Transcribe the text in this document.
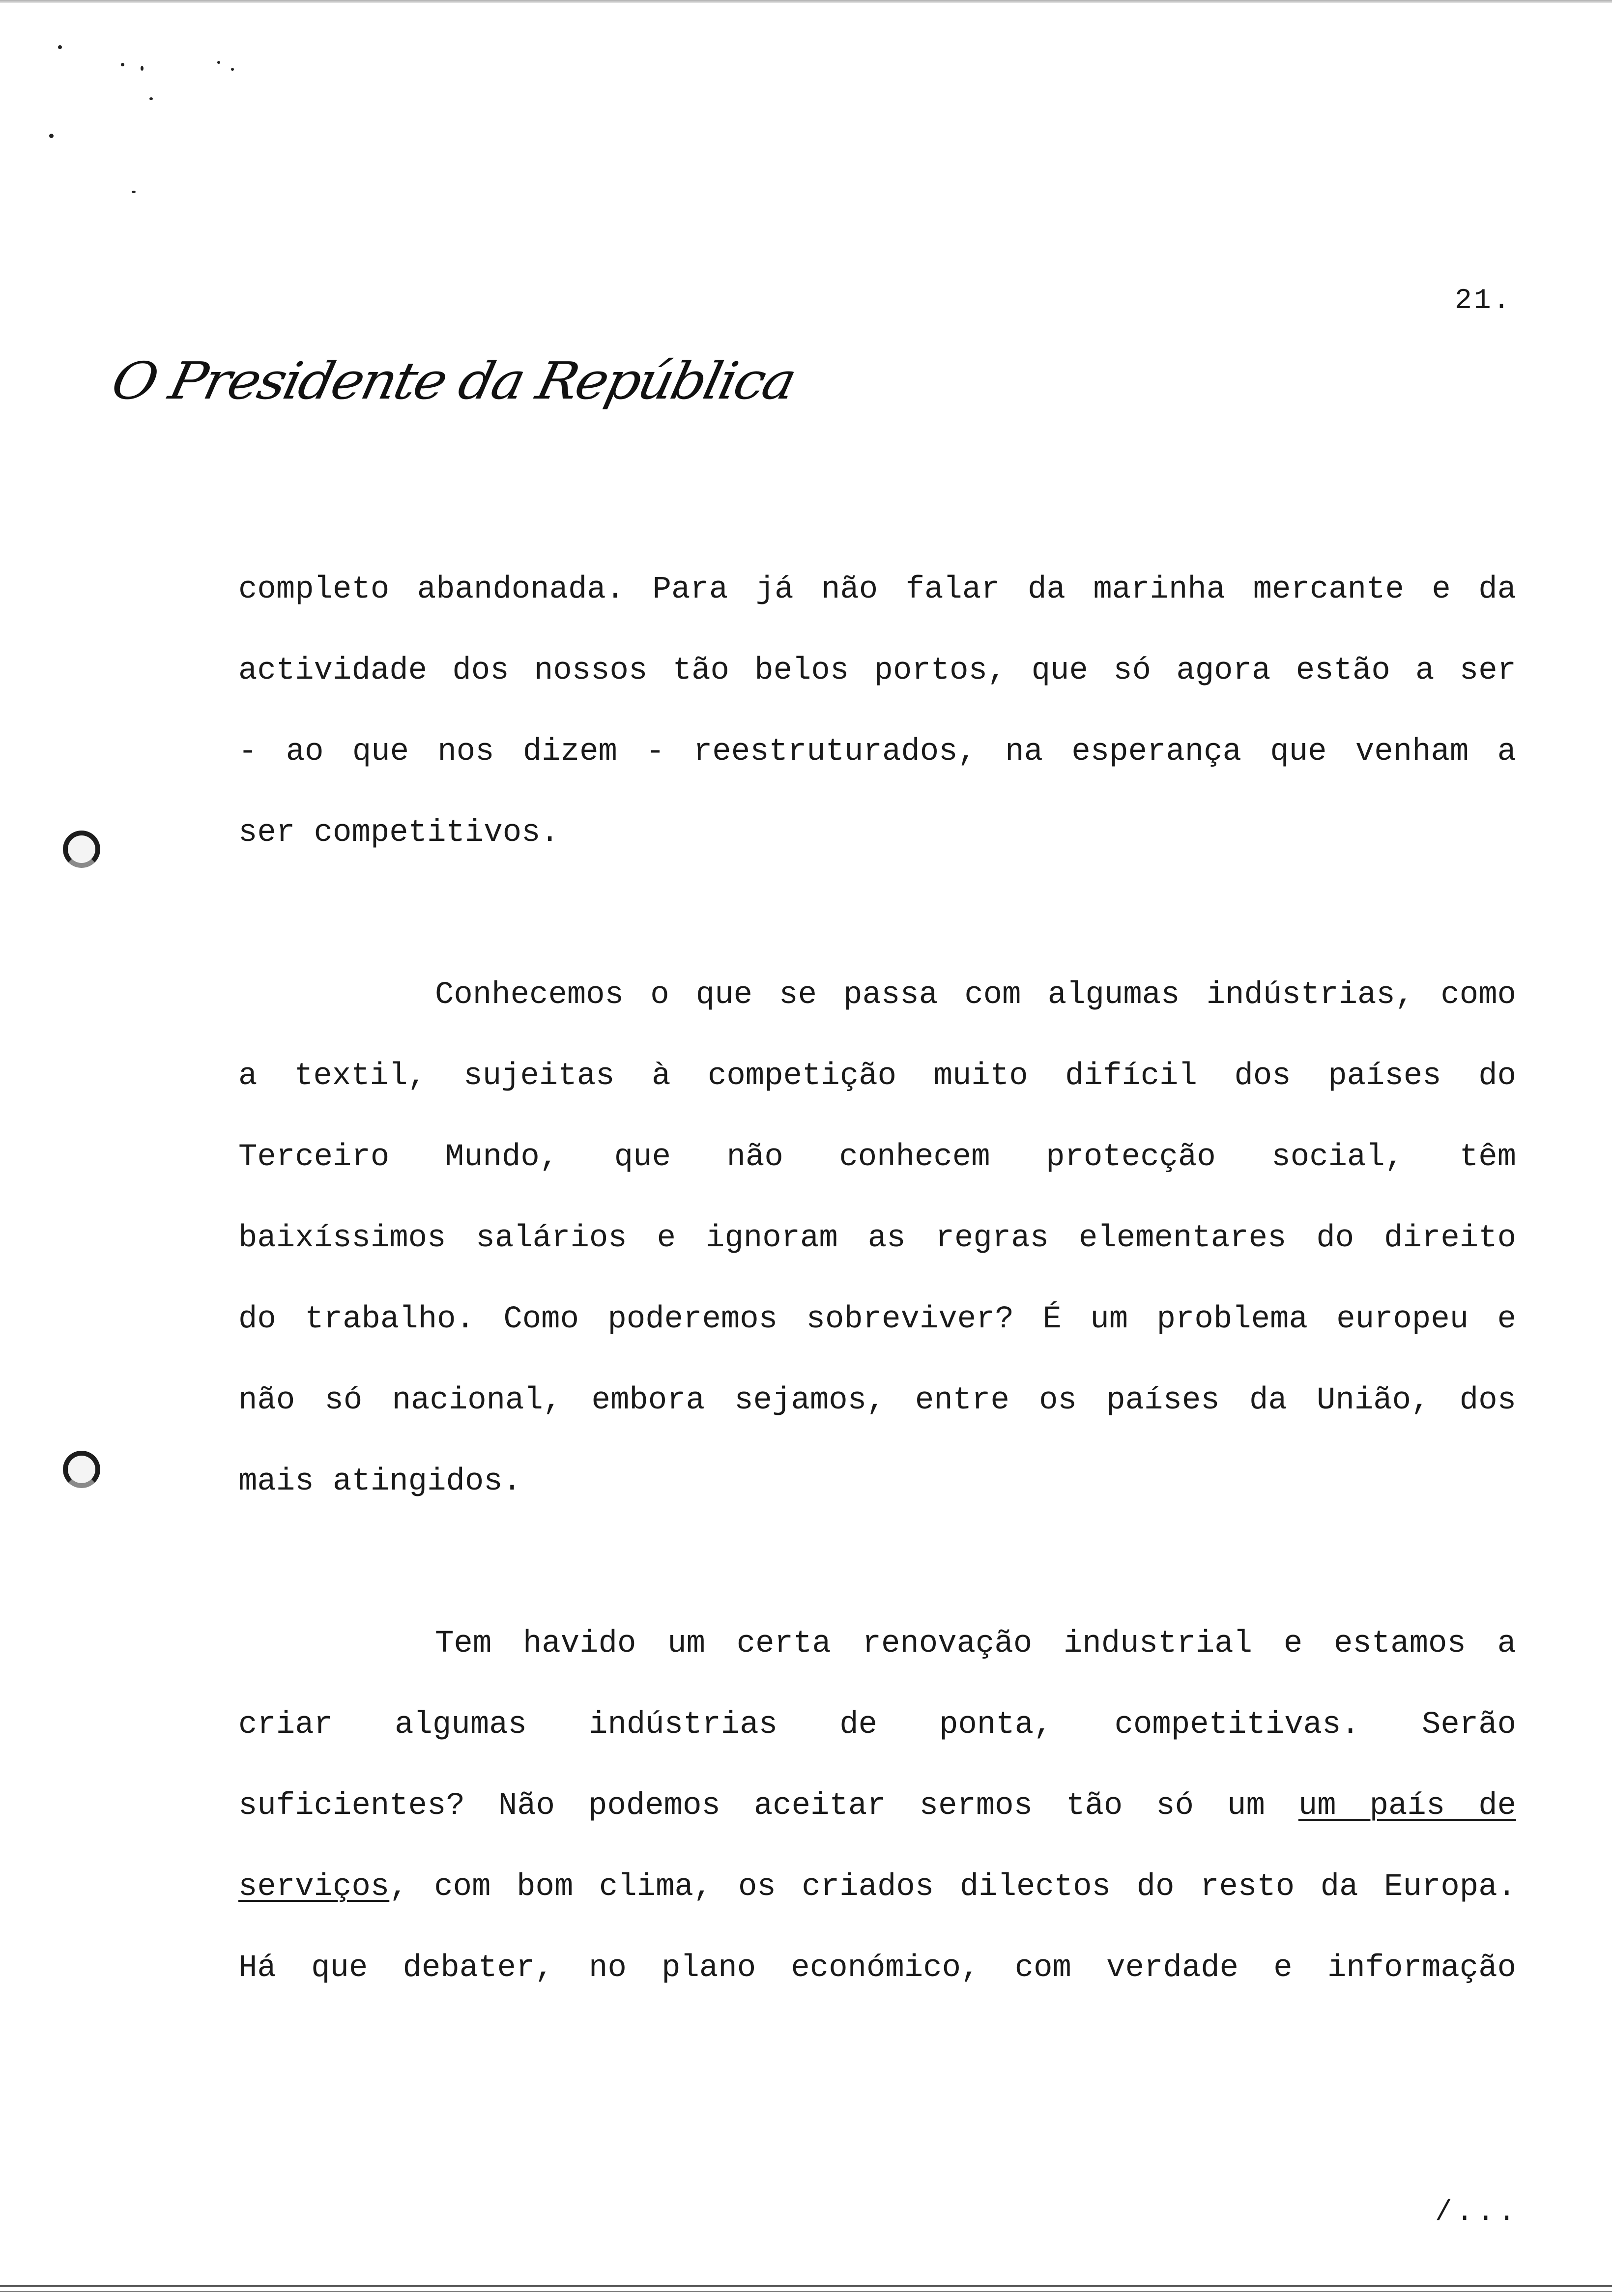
21.

O Presidente da República
completo abandonada. Para já não falar da marinha mercante e da
actividade dos nossos tão belos portos, que só agora estão a ser
- ao que nos dizem - reestruturados, na esperança que venham a
ser competitivos.
Conhecemos o que se passa com algumas indústrias, como
a textil, sujeitas à competição muito difícil dos países do
Terceiro Mundo, que não conhecem protecção social, têm
baixíssimos salários e ignoram as regras elementares do direito
do trabalho. Como poderemos sobreviver? É um problema europeu e
não só nacional, embora sejamos, entre os países da União, dos
mais atingidos.
Tem havido um certa renovação industrial e estamos a
criar algumas indústrias de ponta, competitivas. Serão
suficientes? Não podemos aceitar sermos tão só um um país de
serviços, com bom clima, os criados dilectos do resto da Europa.
Há que debater, no plano económico, com verdade e informação

/...
